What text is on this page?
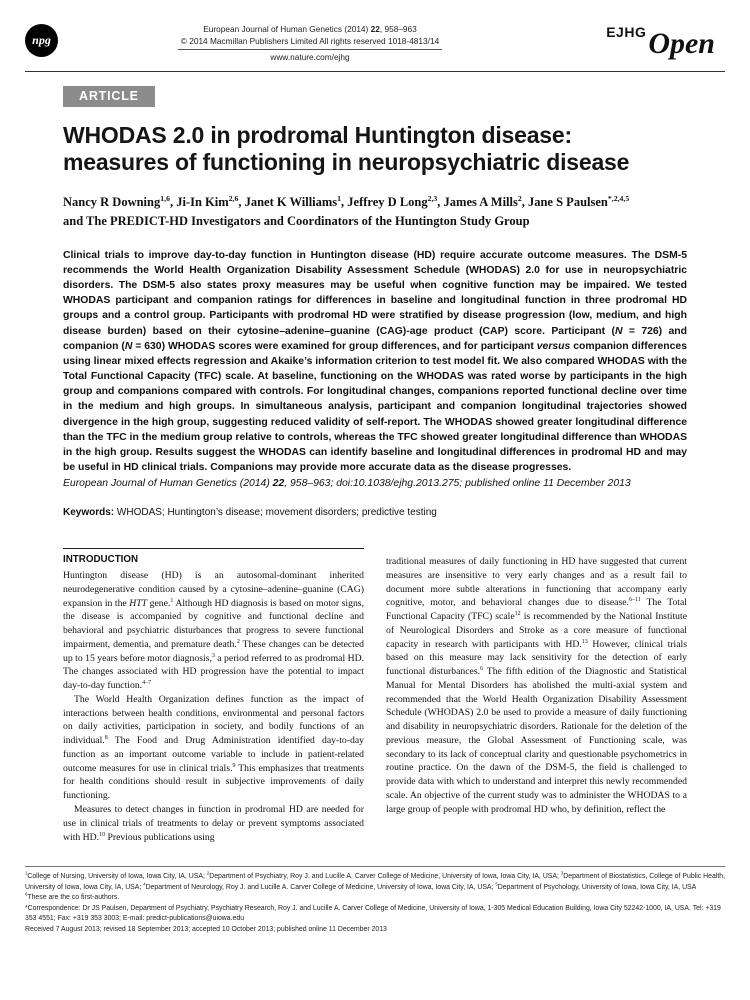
npg
European Journal of Human Genetics (2014) 22, 958–963
© 2014 Macmillan Publishers Limited All rights reserved 1018-4813/14
www.nature.com/ejhg
EJHGOpen
ARTICLE
WHODAS 2.0 in prodromal Huntington disease:
measures of functioning in neuropsychiatric disease
Nancy R Downing$^{1,6}$, Ji-In Kim$^{2,6}$, Janet K Williams$^1$, Jeffrey D Long$^{2,3}$, James A Mills$^2$, Jane S Paulsen$^{*,2,4,5}$
and The PREDICT-HD Investigators and Coordinators of the Huntington Study Group
Clinical trials to improve day-to-day function in Huntington disease (HD) require accurate outcome measures. The DSM-5 recommends the World Health Organization Disability Assessment Schedule (WHODAS) 2.0 for use in neuropsychiatric disorders. The DSM-5 also states proxy measures may be useful when cognitive function may be impaired. We tested WHODAS participant and companion ratings for differences in baseline and longitudinal function in three prodromal HD groups and a control group. Participants with prodromal HD were stratified by disease progression (low, medium, and high disease burden) based on their cytosine–adenine–guanine (CAG)-age product (CAP) score. Participant (N = 726) and companion (N = 630) WHODAS scores were examined for group differences, and for participant versus companion differences using linear mixed effects regression and Akaike’s information criterion to test model fit. We also compared WHODAS with the Total Functional Capacity (TFC) scale. At baseline, functioning on the WHODAS was rated worse by participants in the high group and companions compared with controls. For longitudinal changes, companions reported functional decline over time in the medium and high groups. In simultaneous analysis, participant and companion longitudinal trajectories showed divergence in the high group, suggesting reduced validity of self-report. The WHODAS showed greater longitudinal difference than the TFC in the medium group relative to controls, whereas the TFC showed greater longitudinal difference than WHODAS in the high group. Results suggest the WHODAS can identify baseline and longitudinal differences in prodromal HD and may be useful in HD clinical trials. Companions may provide more accurate data as the disease progresses.
European Journal of Human Genetics (2014) 22, 958–963; doi:10.1038/ejhg.2013.275; published online 11 December 2013
Keywords: WHODAS; Huntington’s disease; movement disorders; predictive testing
INTRODUCTION

Huntington disease (HD) is an autosomal-dominant inherited neurodegenerative condition caused by a cytosine–adenine–guanine (CAG) expansion in the HTT gene.$^1$ Although HD diagnosis is based on motor signs, the disease is accompanied by cognitive and functional decline and behavioral and psychiatric disturbances that progress to severe functional impairment, dementia, and premature death.$^2$ These changes can be detected up to 15 years before motor diagnosis,$^3$ a period referred to as prodromal HD. The changes associated with HD progression have the potential to impact day-to-day function.$^{4-7}$

The World Health Organization defines function as the impact of interactions between health conditions, environmental and personal factors on daily activities, participation in society, and bodily functions of an individual.$^8$ The Food and Drug Administration identified day-to-day function as an important outcome variable to include in patient-related outcome measures for use in clinical trials.$^9$ This emphasizes that treatments for health conditions should result in subjective improvements of daily functioning.

Measures to detect changes in function in prodromal HD are needed for use in clinical trials of treatments to delay or prevent symptoms associated with HD.$^{10}$ Previous publications using

traditional measures of daily functioning in HD have suggested that current measures are insensitive to very early changes and as a result fail to document more subtle alterations in functioning that accompany early cognitive, motor, and behavioral changes due to disease.$^{6-11}$ The Total Functional Capacity (TFC) scale$^{12}$ is recommended by the National Institute of Neurological Disorders and Stroke as a core measure of functional capacity in research with participants with HD.$^{13}$ However, clinical trials based on this measure may lack sensitivity for the detection of early functional disturbances.$^6$ The fifth edition of the Diagnostic and Statistical Manual for Mental Disorders has abolished the multi-axial system and recommended that the World Health Organization Disability Assessment Schedule (WHODAS) 2.0 be used to provide a measure of daily functioning and disability in neuropsychiatric disorders. Rationale for the deletion of the previous measure, the Global Assessment of Functioning scale, was secondary to its lack of conceptual clarity and questionable psychometrics in routine practice. On the dawn of the DSM-5, the field is challenged to provide data with which to understand and interpret this newly recommended scale. An objective of the current study was to administer the WHODAS to a large group of people with prodromal HD who, by definition, reflect the

$^1$College of Nursing, University of Iowa, Iowa City, IA, USA; $^2$Department of Psychiatry, Roy J. and Lucille A. Carver College of Medicine, University of Iowa, Iowa City, IA, USA; $^3$Department of Biostatistics, College of Public Health, University of Iowa, Iowa City, IA, USA; $^4$Department of Neurology, Roy J. and Lucille A. Carver College of Medicine, University of Iowa, Iowa City, IA, USA; $^5$Department of Psychology, University of Iowa, Iowa City, IA, USA
$^6$These are the co first-authors.
*Correspondence: Dr JS Paulsen, Department of Psychiatry, Psychiatry Research, Roy J. and Lucille A. Carver College of Medicine, University of Iowa, 1-305 Medical Education Building, Iowa City 52242-1000, IA, USA. Tel: +319 353 4551; Fax: +319 353 3003; E-mail: predict-publications@uiowa.edu
Received 7 August 2013; revised 18 September 2013; accepted 10 October 2013; published online 11 December 2013
